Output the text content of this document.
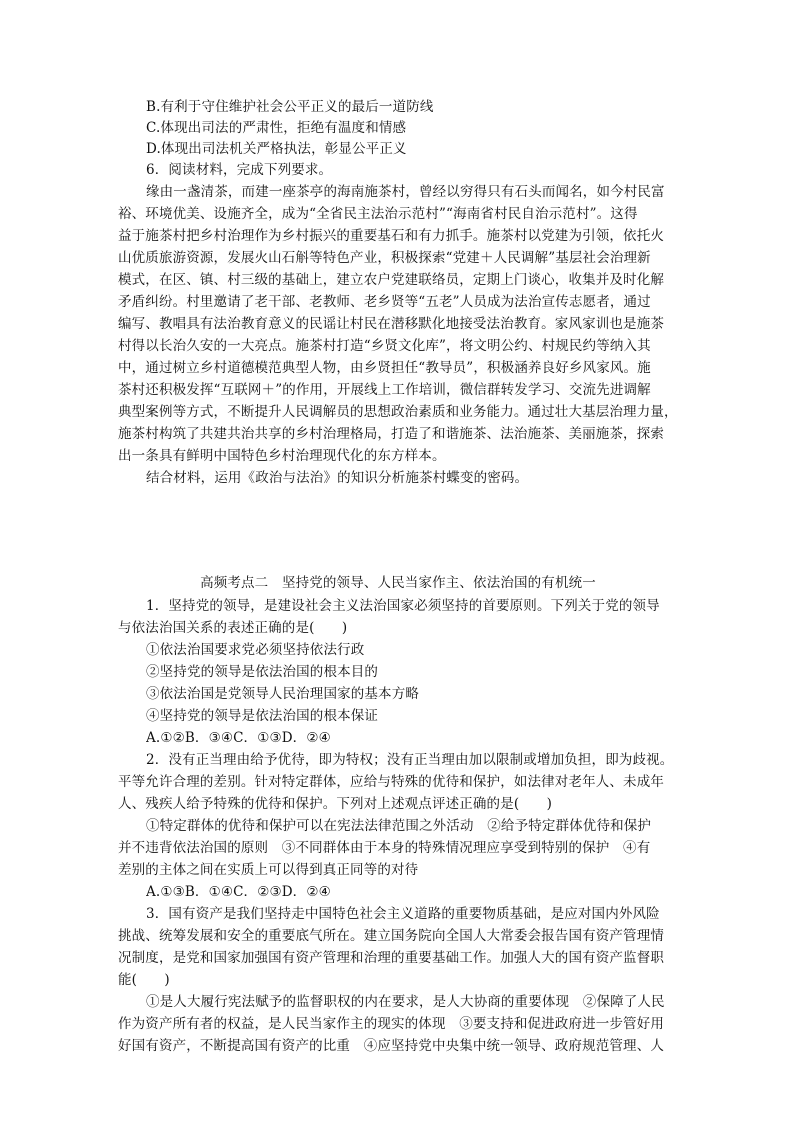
B.有利于守住维护社会公平正义的最后一道防线
C.体现出司法的严肃性，拒绝有温度和情感
D.体现出司法机关严格执法，彰显公平正义
6．阅读材料，完成下列要求。
缘由一盏清茶，而建一座茶亭的海南施茶村，曾经以穷得只有石头而闻名，如今村民富
裕、环境优美、设施齐全，成为“全省民主法治示范村”“海南省村民自治示范村”。这得
益于施茶村把乡村治理作为乡村振兴的重要基石和有力抓手。施茶村以党建为引领，依托火
山优质旅游资源，发展火山石斛等特色产业，积极探索“党建＋人民调解”基层社会治理新
模式，在区、镇、村三级的基础上，建立农户党建联络员，定期上门谈心，收集并及时化解
矛盾纠纷。村里邀请了老干部、老教师、老乡贤等“五老”人员成为法治宣传志愿者，通过
编写、教唱具有法治教育意义的民谣让村民在潜移默化地接受法治教育。家风家训也是施茶
村得以长治久安的一大亮点。施茶村打造“乡贤文化库”，将文明公约、村规民约等纳入其
中，通过树立乡村道德模范典型人物，由乡贤担任“教导员”，积极涵养良好乡风家风。施
茶村还积极发挥“互联网＋”的作用，开展线上工作培训，微信群转发学习、交流先进调解
典型案例等方式，不断提升人民调解员的思想政治素质和业务能力。通过壮大基层治理力量，
施茶村构筑了共建共治共享的乡村治理格局，打造了和谐施茶、法治施茶、美丽施茶，探索
出一条具有鲜明中国特色乡村治理现代化的东方样本。
结合材料，运用《政治与法治》的知识分析施茶村蝶变的密码。
高频考点二　坚持党的领导、人民当家作主、依法治国的有机统一
1．坚持党的领导，是建设社会主义法治国家必须坚持的首要原则。下列关于党的领导
与依法治国关系的表述正确的是(　　)
①依法治国要求党必须坚持依法行政
②坚持党的领导是依法治国的根本目的
③依法治国是党领导人民治理国家的基本方略
④坚持党的领导是依法治国的根本保证
A.①②B．③④C．①③D．②④
2．没有正当理由给予优待，即为特权；没有正当理由加以限制或增加负担，即为歧视。
平等允许合理的差别。针对特定群体，应给与特殊的优待和保护，如法律对老年人、未成年
人、残疾人给予特殊的优待和保护。下列对上述观点评述正确的是(　　)
①特定群体的优待和保护可以在宪法法律范围之外活动　②给予特定群体优待和保护
并不违背依法治国的原则　③不同群体由于本身的特殊情况理应享受到特别的保护　④有
差别的主体之间在实质上可以得到真正同等的对待
A.①③B．①④C．②③D．②④
3．国有资产是我们坚持走中国特色社会主义道路的重要物质基础，是应对国内外风险
挑战、统筹发展和安全的重要底气所在。建立国务院向全国人大常委会报告国有资产管理情
况制度，是党和国家加强国有资产管理和治理的重要基础工作。加强人大的国有资产监督职
能(　　)
①是人大履行宪法赋予的监督职权的内在要求，是人大协商的重要体现　②保障了人民
作为资产所有者的权益，是人民当家作主的现实的体现　③要支持和促进政府进一步管好用
好国有资产，不断提高国有资产的比重　④应坚持党中央集中统一领导、政府规范管理、人
